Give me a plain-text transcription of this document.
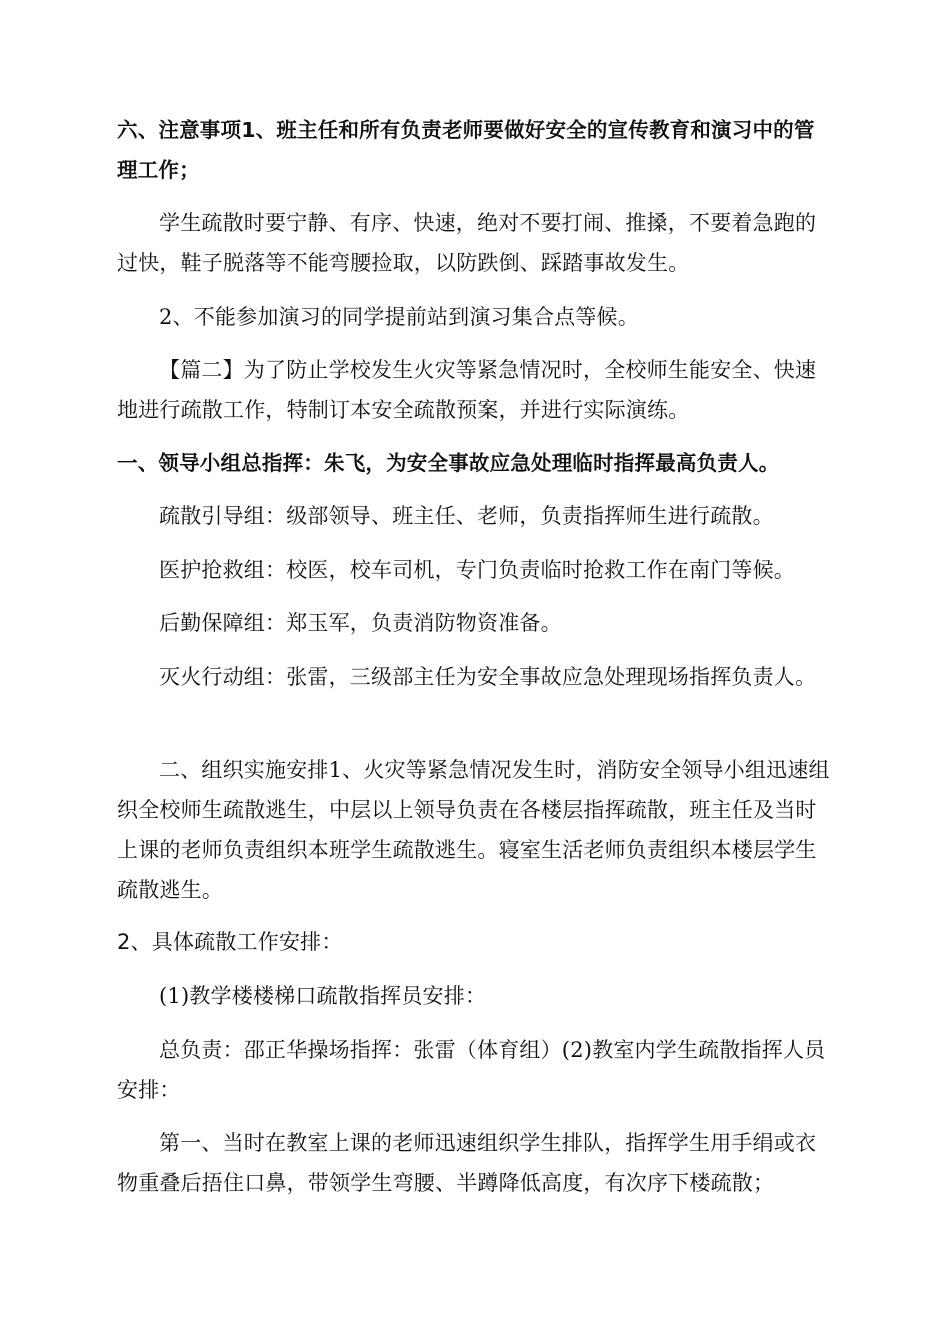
六、注意事项1、班主任和所有负责老师要做好安全的宣传教育和演习中的管理工作；

学生疏散时要宁静、有序、快速，绝对不要打闹、推搡，不要着急跑的过快，鞋子脱落等不能弯腰捡取，以防跌倒、踩踏事故发生。

2、不能参加演习的同学提前站到演习集合点等候。

【篇二】为了防止学校发生火灾等紧急情况时，全校师生能安全、快速地进行疏散工作，特制订本安全疏散预案，并进行实际演练。

一、领导小组总指挥：朱飞，为安全事故应急处理临时指挥最高负责人。

疏散引导组：级部领导、班主任、老师，负责指挥师生进行疏散。

医护抢救组：校医，校车司机，专门负责临时抢救工作在南门等候。

后勤保障组：郑玉军，负责消防物资准备。

灭火行动组：张雷，三级部主任为安全事故应急处理现场指挥负责人。

二、组织实施安排1、火灾等紧急情况发生时，消防安全领导小组迅速组织全校师生疏散逃生，中层以上领导负责在各楼层指挥疏散，班主任及当时上课的老师负责组织本班学生疏散逃生。寝室生活老师负责组织本楼层学生疏散逃生。

2、具体疏散工作安排：

(1)教学楼楼梯口疏散指挥员安排：

总负责：邵正华操场指挥：张雷（体育组）(2)教室内学生疏散指挥人员安排：

第一、当时在教室上课的老师迅速组织学生排队，指挥学生用手绢或衣物重叠后捂住口鼻，带领学生弯腰、半蹲降低高度，有次序下楼疏散；
